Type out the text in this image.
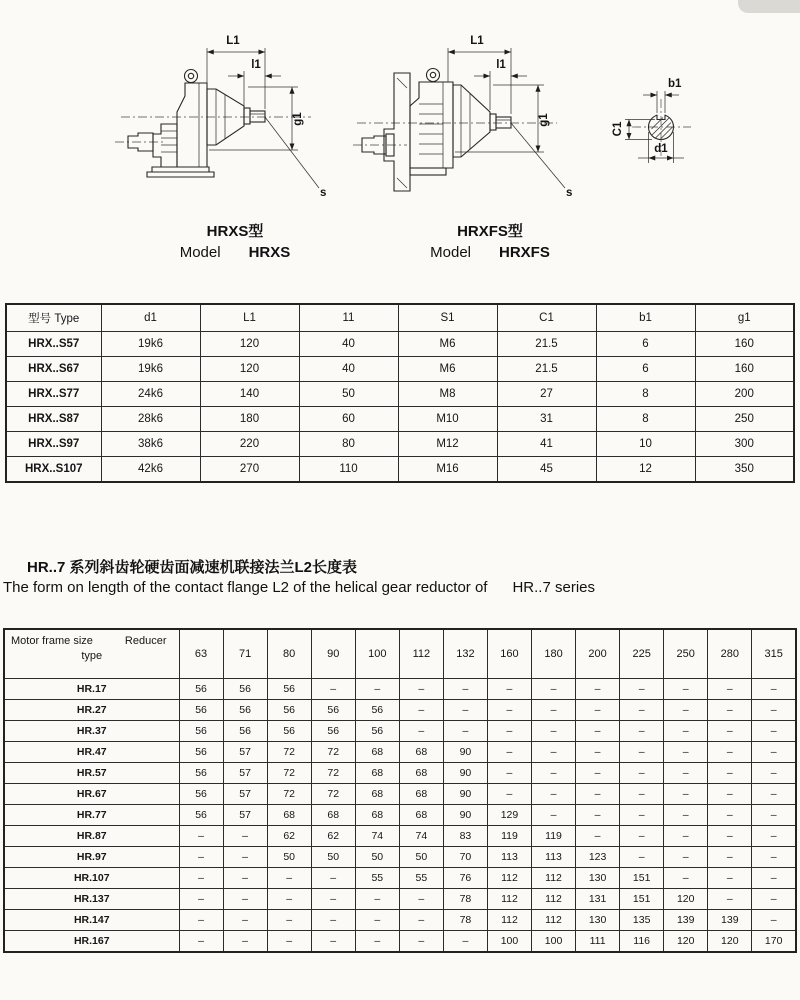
L1
l1
g1
s
L1
l1
g1
s
b1
C1
d1
HRXS型
Model HRXS
HRXFS型
Model HRXFS
型号 Type	d1	L1	11	S1	C1	b1	g1
HRX..S57	19k6	120	40	M6	21.5	6	160
HRX..S67	19k6	120	40	M6	21.5	6	160
HRX..S77	24k6	140	50	M8	27	8	200
HRX..S87	28k6	180	60	M10	31	8	250
HRX..S97	38k6	220	80	M12	41	10	300
HRX..S107	42k6	270	110	M16	45	12	350
HR..7 系列斜齿轮硬齿面减速机联接法兰L2长度表
The form on length of the contact flange L2 of the helical gear reductor of      HR..7 series
Motor frame size Reducer
type	63	71	80	90	100	112	132	160	180	200	225	250	280	315
HR.17	56	56	56	–	–	–	–	–	–	–	–	–	–	–
HR.27	56	56	56	56	56	–	–	–	–	–	–	–	–	–
HR.37	56	56	56	56	56	–	–	–	–	–	–	–	–	–
HR.47	56	57	72	72	68	68	90	–	–	–	–	–	–	–
HR.57	56	57	72	72	68	68	90	–	–	–	–	–	–	–
HR.67	56	57	72	72	68	68	90	–	–	–	–	–	–	–
HR.77	56	57	68	68	68	68	90	129	–	–	–	–	–	–
HR.87	–	–	62	62	74	74	83	119	119	–	–	–	–	–
HR.97	–	–	50	50	50	50	70	113	113	123	–	–	–	–
HR.107	–	–	–	–	55	55	76	112	112	130	151	–	–	–
HR.137	–	–	–	–	–	–	78	112	112	131	151	120	–	–
HR.147	–	–	–	–	–	–	78	112	112	130	135	139	139	–
HR.167	–	–	–	–	–	–	–	100	100	111	116	120	120	170
